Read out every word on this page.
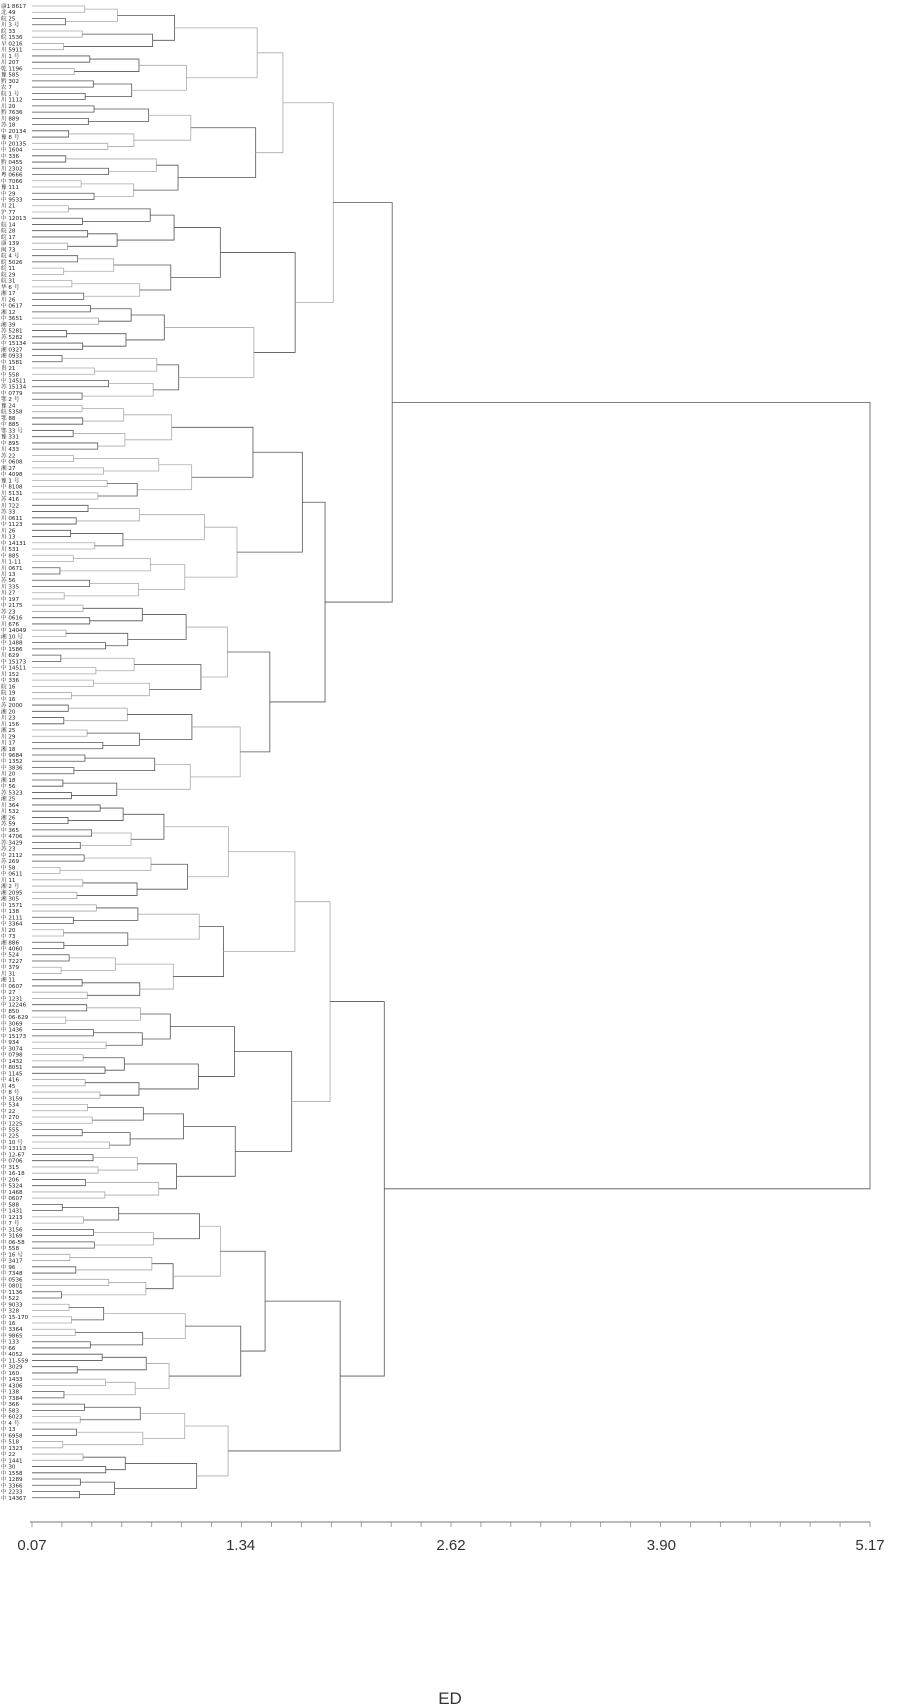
康1 8617
北 49
皖 25
川 3 号
皖 33
皖 1536
早 0216
川 5911
川 1 号
川 207
乾 1196
豫 585
黔 302
农 7
皖 1 号
川 1112
川 20
黔 7636
川 889
苏 18
中 20134
豫 8 号
中 20135
中 1604
中 336
黔 0455
川 2302
粤 0666
中 7066
豫 111
中 29
中 9533
川 21
沪 77
中 12013
皖 14
皖 28
皖 17
康 139
闽 73
皖 4 号
皖 5026
皖 11
皖 29
皖 31
华 6 号
湘 17
川 26
中 0617
湘 12
中 3651
湘 39
苏 5281
苏 5282
中 15134
湘 0327
湘 0933
中 1581
贵 21
中 558
中 14511
苏 15134
中 0779
鄂 2 号
豫 24
皖 5358
鄂 88
中 885
鄂 33 号
豫 331
中 895
川 433
苏 22
中 0608
湘 27
中 4098
豫 1 号
中 8108
川 5131
苏 416
川 722
苏 33
川 0611
中 1123
川 26
川 13
中 14131
川 531
中 885
川 1-11
川 0671
川 13
苏 56
川 335
川 27
中 197
中 2175
苏 23
中 0616
川 676
中 14049
湘 10 号
中 1488
中 1586
川 629
中 15173
中 14511
川 152
中 336
皖 16
皖 19
中 16
苏 2000
湘 20
川 23
川 156
湘 25
川 29
川 17
湘 18
中 9684
中 1352
中 3836
川 20
湘 18
中 56
苏 5323
湘 25
川 364
川 532
湘 26
苏 59
中 365
中 4706
苏 3429
苏 23
中 2112
苏 269
中 58
中 0611
川 11
湘 2 号
湘 2095
湘 305
中 1571
中 138
中 2111
中 3364
川 20
中 73
湘 886
中 4060
中 524
中 7227
中 379
川 31
湘 11
中 0607
中 27
中 1231
中 12246
中 850
中 06-629
中 3069
中 1436
中 15173
中 934
中 3074
中 0798
中 1432
中 8051
中 1145
中 416
川 45
中 8 号
中 3159
中 534
中 22
中 270
中 1225
中 555
中 225
中 10 号
中 13113
中 12-67
中 0706
中 315
中 16-18
中 206
中 5324
中 1468
中 0607
中 588
中 1431
中 1213
中 7 号
中 3156
中 3169
中 06-58
中 558
中 16 号
中 3417
中 96
中 7348
中 0536
中 0801
中 1136
中 522
中 9033
中 328
中 15-170
中 16
中 3364
中 9865
中 133
中 66
中 4052
中 11-559
中 3029
中 160
中 1433
中 4306
中 138
中 7384
中 366
中 583
中 6023
中 4 号
中 13
中 6958
中 518
中 1323
中 22
中 1441
中 30
中 1558
中 1289
中 3366
中 2233
中 14367
0.07	1.34	2.62	3.90	5.17
ED
